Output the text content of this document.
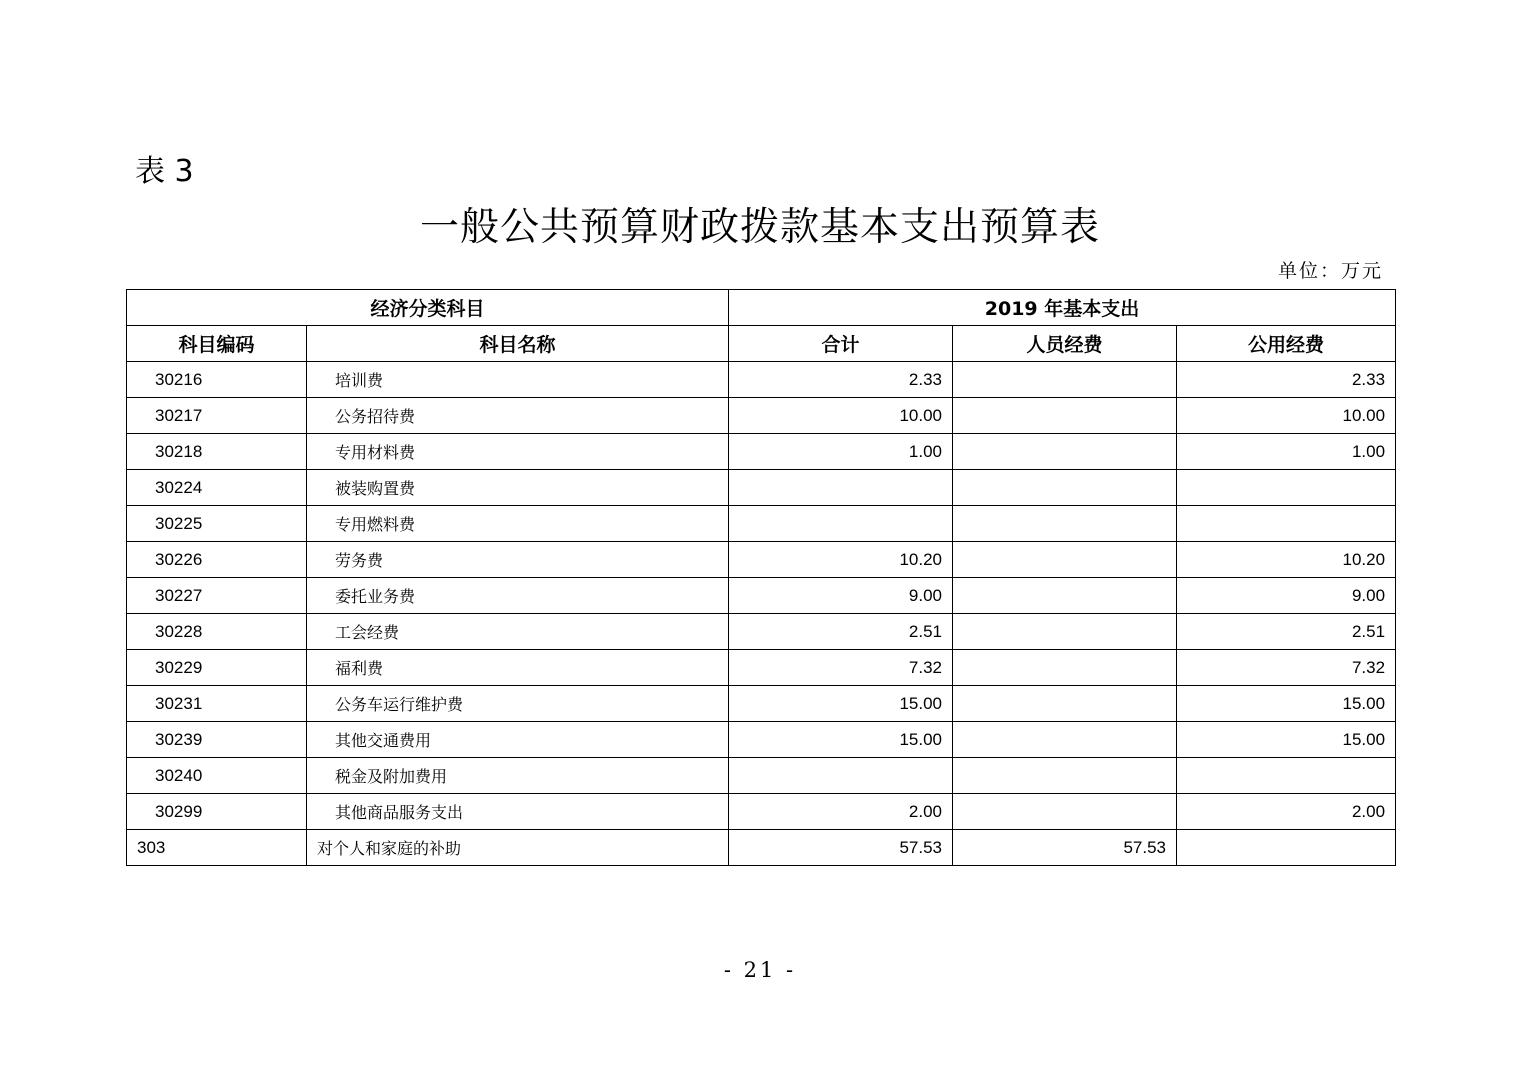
表 3
一般公共预算财政拨款基本支出预算表
单位：万元
经济分类科目		2019 年基本支出		
科目编码	科目名称	合计	人员经费	公用经费
30216	培训费	2.33		2.33
30217	公务招待费	10.00		10.00
30218	专用材料费	1.00		1.00
30224	被装购置费			
30225	专用燃料费			
30226	劳务费	10.20		10.20
30227	委托业务费	9.00		9.00
30228	工会经费	2.51		2.51
30229	福利费	7.32		7.32
30231	公务车运行维护费	15.00		15.00
30239	其他交通费用	15.00		15.00
30240	税金及附加费用			
30299	其他商品服务支出	2.00		2.00
303	对个人和家庭的补助	57.53	57.53	
- 21 -
